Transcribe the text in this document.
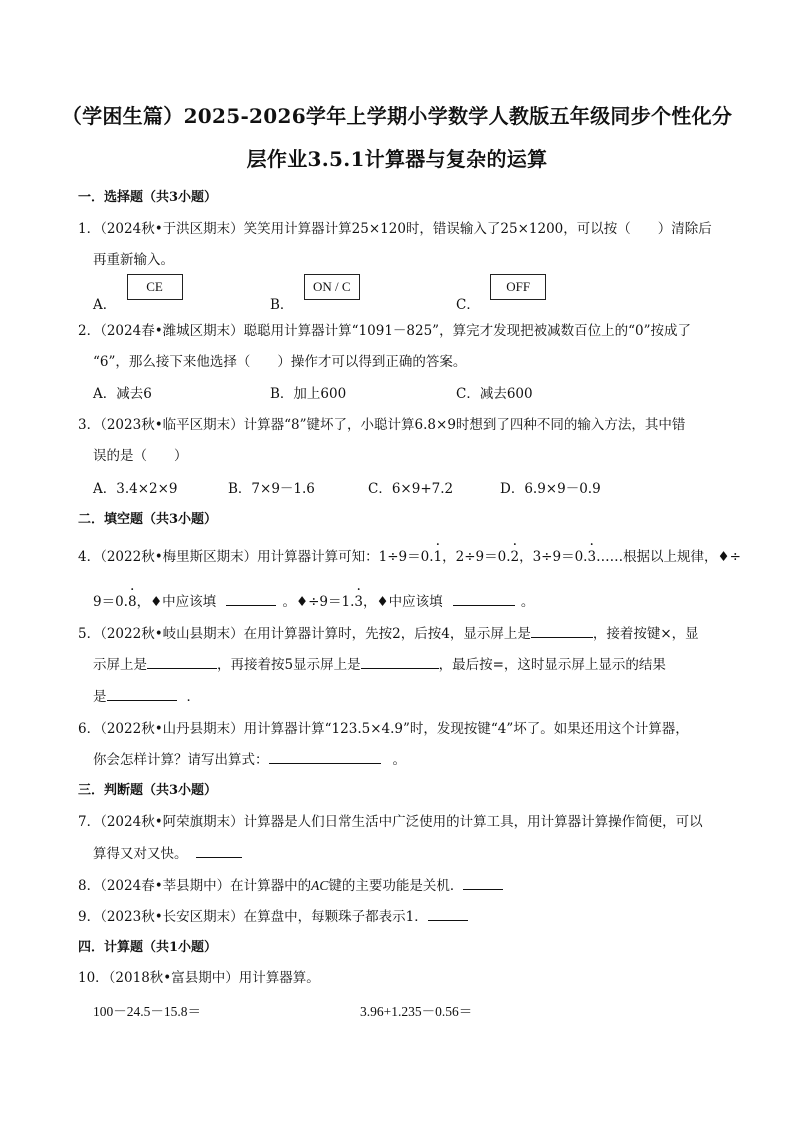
（学困生篇）2025-2026学年上学期小学数学人教版五年级同步个性化分
层作业3.5.1计算器与复杂的运算
一．选择题（共3小题）
1．（2024秋•于洪区期末）笑笑用计算器计算25×120时，错误输入了25×1200，可以按（　　）清除后
再重新输入。
A． CE
B． ON / C
C． OFF
2．（2024春•潍城区期末）聪聪用计算器计算“1091－825”，算完才发现把被减数百位上的“0”按成了
“6”，那么接下来他选择（　　）操作才可以得到正确的答案。
A．减去6	B．加上600	C．减去600
3．（2023秋•临平区期末）计算器“8”键坏了，小聪计算6.8×9时想到了四种不同的输入方法，其中错
误的是（　　）
A．3.4×2×9	B．7×9－1.6	C．6×9+7.2	D．6.9×9－0.9
二．填空题（共3小题）
4．（2022秋•梅里斯区期末）用计算器计算可知：1÷9＝0.· 1，2÷9＝0.· 2，3÷9＝0.· 3……根据以上规律，♦÷
9＝0.· 8，♦中应该填	。♦÷9＝1.· 3，♦中应该填	。
5．（2022秋•岐山县期末）在用计算器计算时，先按2，后按4，显示屏上是	，接着按键×，显
示屏上是	，再接着按5显示屏上是	，最后按=，这时显示屏上显示的结果
是	．
6．（2022秋•山丹县期末）用计算器计算“123.5×4.9”时，发现按键“4”坏了。如果还用这个计算器，
你会怎样计算？请写出算式：	。
三．判断题（共3小题）
7．（2024秋•阿荣旗期末）计算器是人们日常生活中广泛使用的计算工具，用计算器计算操作简便，可以
算得又对又快。
8．（2024春•莘县期中）在计算器中的AC键的主要功能是关机．
9．（2023秋•长安区期末）在算盘中，每颗珠子都表示1．
四．计算题（共1小题）
10．（2018秋•富县期中）用计算器算。
100－24.5－15.8＝	3.96+1.235－0.56＝
